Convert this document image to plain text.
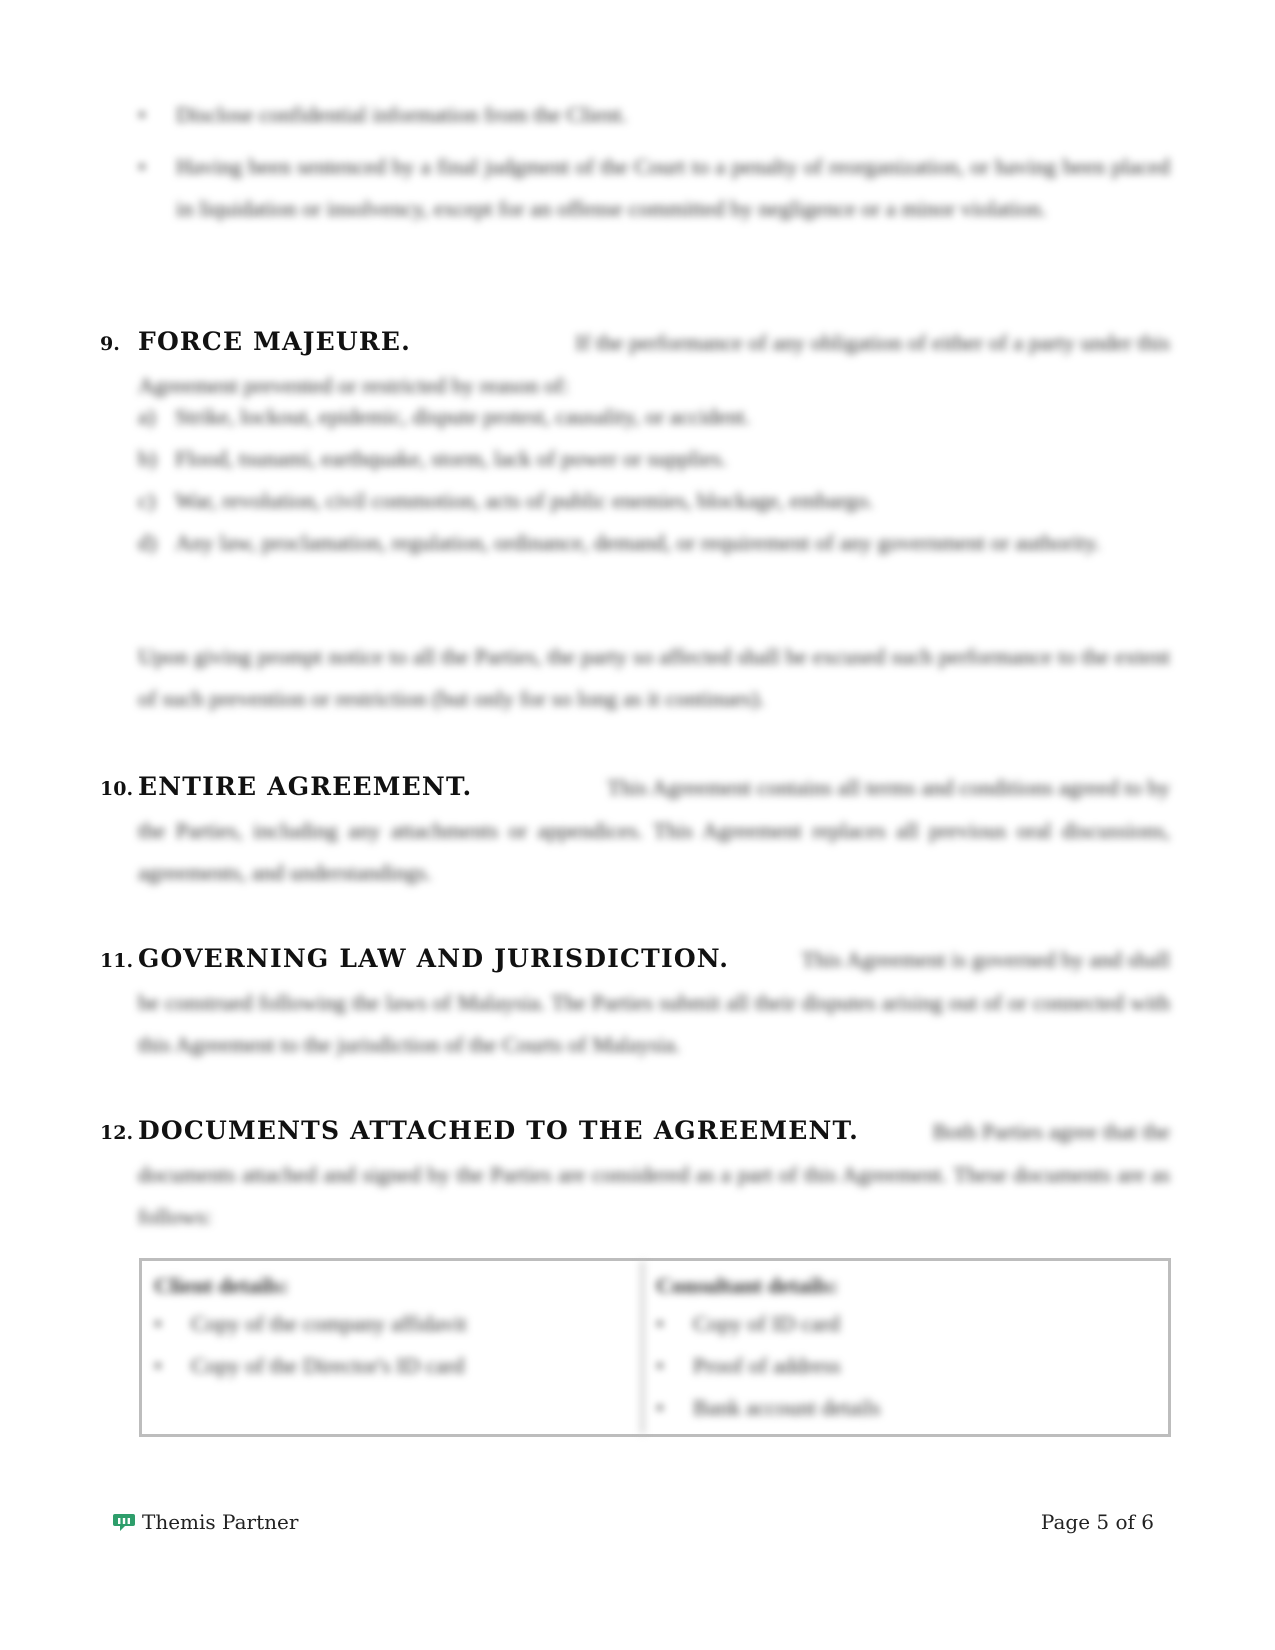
• Disclose confidential information from the Client.
• Having been sentenced by a final judgment of the Court to a penalty of reorganization, or having been placed in liquidation or insolvency, except for an offense committed by negligence or a minor violation.
9. FORCE MAJEURE.	If the performance of any obligation of either of a party under this
Agreement prevented or restricted by reason of:
a) Strike, lockout, epidemic, dispute protest, causality, or accident.
b) Flood, tsunami, earthquake, storm, lack of power or supplies.
c) War, revolution, civil commotion, acts of public enemies, blockage, embargo.
d) Any law, proclamation, regulation, ordinance, demand, or requirement of any government or authority.
Upon giving prompt notice to all the Parties, the party so affected shall be excused such performance to the extent of such prevention or restriction (but only for so long as it continues).
10. ENTIRE AGREEMENT.	This Agreement contains all terms and conditions agreed to by
the Parties, including any attachments or appendices. This Agreement replaces all previous oral discussions, agreements, and understandings.
11. GOVERNING LAW AND JURISDICTION.	This Agreement is governed by and shall
be construed following the laws of Malaysia. The Parties submit all their disputes arising out of or connected with this Agreement to the jurisdiction of the Courts of Malaysia.
12. DOCUMENTS ATTACHED TO THE AGREEMENT.	Both Parties agree that the
documents attached and signed by the Parties are considered as a part of this Agreement. These documents are as follows:
Client details:
• Copy of the company affidavit
• Copy of the Director's ID card
Consultant details:
• Copy of ID card
• Proof of address
• Bank account details
Themis Partner	Page 5 of 6
